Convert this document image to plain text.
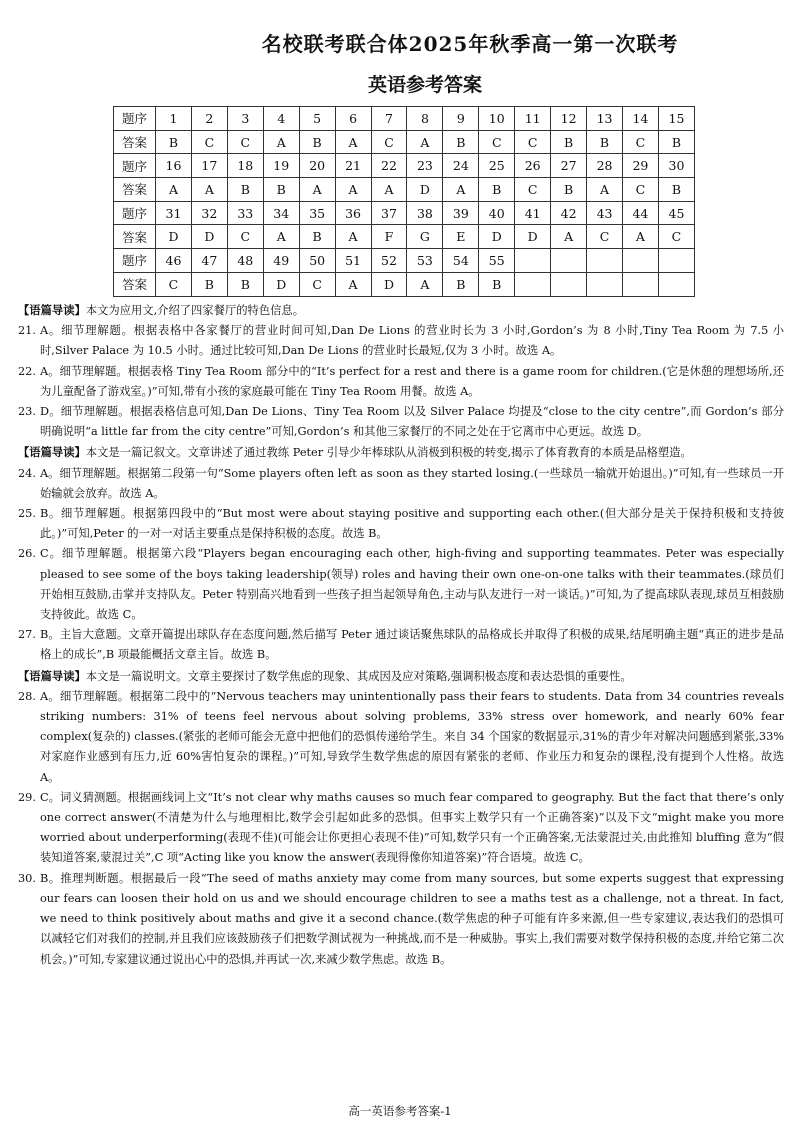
名校联考联合体2025年秋季高一第一次联考
英语参考答案
题序	1	2	3	4	5	6	7	8	9	10	11	12	13	14	15
答案	B	C	C	A	B	A	C	A	B	C	C	B	B	C	B
题序	16	17	18	19	20	21	22	23	24	25	26	27	28	29	30
答案	A	A	B	B	A	A	A	D	A	B	C	B	A	C	B
题序	31	32	33	34	35	36	37	38	39	40	41	42	43	44	45
答案	D	D	C	A	B	A	F	G	E	D	D	A	C	A	C
题序	46	47	48	49	50	51	52	53	54	55					
答案	C	B	B	D	C	A	D	A	B	B					

【语篇导读】本文为应用文,介绍了四家餐厅的特色信息。

21. A。细节理解题。根据表格中各家餐厅的营业时间可知,Dan De Lions 的营业时长为 3 小时,Gordon’s 为 8 小时,Tiny Tea Room 为 7.5 小时,Silver Palace 为 10.5 小时。通过比较可知,Dan De Lions 的营业时长最短,仅为 3 小时。故选 A。

22. A。细节理解题。根据表格 Tiny Tea Room 部分中的“It’s perfect for a rest and there is a game room for children.(它是休憩的理想场所,还为儿童配备了游戏室。)”可知,带有小孩的家庭最可能在 Tiny Tea Room 用餐。故选 A。

23. D。细节理解题。根据表格信息可知,Dan De Lions、Tiny Tea Room 以及 Silver Palace 均提及“close to the city centre”,而 Gordon’s 部分明确说明“a little far from the city centre”可知,Gordon’s 和其他三家餐厅的不同之处在于它离市中心更远。故选 D。

【语篇导读】本文是一篇记叙文。文章讲述了通过教练 Peter 引导少年棒球队从消极到积极的转变,揭示了体育教育的本质是品格塑造。

24. A。细节理解题。根据第二段第一句“Some players often left as soon as they started losing.(一些球员一输就开始退出。)”可知,有一些球员一开始输就会放弃。故选 A。

25. B。细节理解题。根据第四段中的“But most were about staying positive and supporting each other.(但大部分是关于保持积极和支持彼此。)”可知,Peter 的一对一对话主要重点是保持积极的态度。故选 B。

26. C。细节理解题。根据第六段“Players began encouraging each other, high-fiving and supporting teammates. Peter was especially pleased to see some of the boys taking leadership(领导) roles and having their own one-on-one talks with their teammates.(球员们开始相互鼓励,击掌并支持队友。Peter 特别高兴地看到一些孩子担当起领导角色,主动与队友进行一对一谈话。)”可知,为了提高球队表现,球员互相鼓励支持彼此。故选 C。

27. B。主旨大意题。文章开篇提出球队存在态度问题,然后描写 Peter 通过谈话聚焦球队的品格成长并取得了积极的成果,结尾明确主题“真正的进步是品格上的成长”,B 项最能概括文章主旨。故选 B。

【语篇导读】本文是一篇说明文。文章主要探讨了数学焦虑的现象、其成因及应对策略,强调积极态度和表达恐惧的重要性。

28. A。细节理解题。根据第二段中的“Nervous teachers may unintentionally pass their fears to students. Data from 34 countries reveals striking numbers: 31% of teens feel nervous about solving problems, 33% stress over homework, and nearly 60% fear complex(复杂的) classes.(紧张的老师可能会无意中把他们的恐惧传递给学生。来自 34 个国家的数据显示,31%的青少年对解决问题感到紧张,33%对家庭作业感到有压力,近 60%害怕复杂的课程。)”可知,导致学生数学焦虑的原因有紧张的老师、作业压力和复杂的课程,没有提到个人性格。故选 A。

29. C。词义猜测题。根据画线词上文“It’s not clear why maths causes so much fear compared to geography. But the fact that there’s only one correct answer(不清楚为什么与地理相比,数学会引起如此多的恐惧。但事实上数学只有一个正确答案)”以及下文“might make you more worried about underperforming(表现不佳)(可能会让你更担心表现不佳)”可知,数学只有一个正确答案,无法蒙混过关,由此推知 bluffing 意为“假装知道答案,蒙混过关”,C 项“Acting like you know the answer(表现得像你知道答案)”符合语境。故选 C。

30. B。推理判断题。根据最后一段“The seed of maths anxiety may come from many sources, but some experts suggest that expressing our fears can loosen their hold on us and we should encourage children to see a maths test as a challenge, not a threat. In fact, we need to think positively about maths and give it a second chance.(数学焦虑的种子可能有许多来源,但一些专家建议,表达我们的恐惧可以减轻它们对我们的控制,并且我们应该鼓励孩子们把数学测试视为一种挑战,而不是一种威胁。事实上,我们需要对数学保持积极的态度,并给它第二次机会。)”可知,专家建议通过说出心中的恐惧,并再试一次,来减少数学焦虑。故选 B。

高一英语参考答案-1
